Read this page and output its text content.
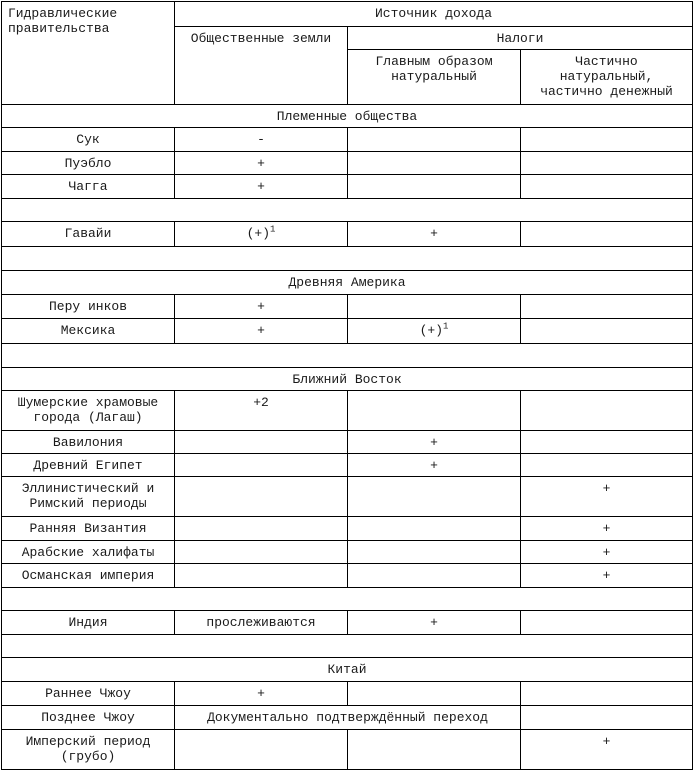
Гидравлические правительства	Источник дохода		
	Общественные земли	Налоги	
		Главным образом натуральный	Частично натуральный, частично денежный
Племенные общества			
Сук	-		
Пуэбло	+		
Чагга	+		

Гавайи	$(+)^1$	+	

Древняя Америка			
Перу инков	+		
Мексика	+	$(+)^1$	

Ближний Восток			
Шумерские храмовые города (Лагаш)	+2		
Вавилония		+	
Древний Египет		+	
Эллинистический и Римский периоды			+
Ранняя Византия			+
Арабские халифаты			+
Османская империя			+

Индия	прослеживаются	+	

Китай			
Раннее Чжоу	+		
Позднее Чжоу	Документально подтверждённый переход		
Имперский период (грубо)			+
